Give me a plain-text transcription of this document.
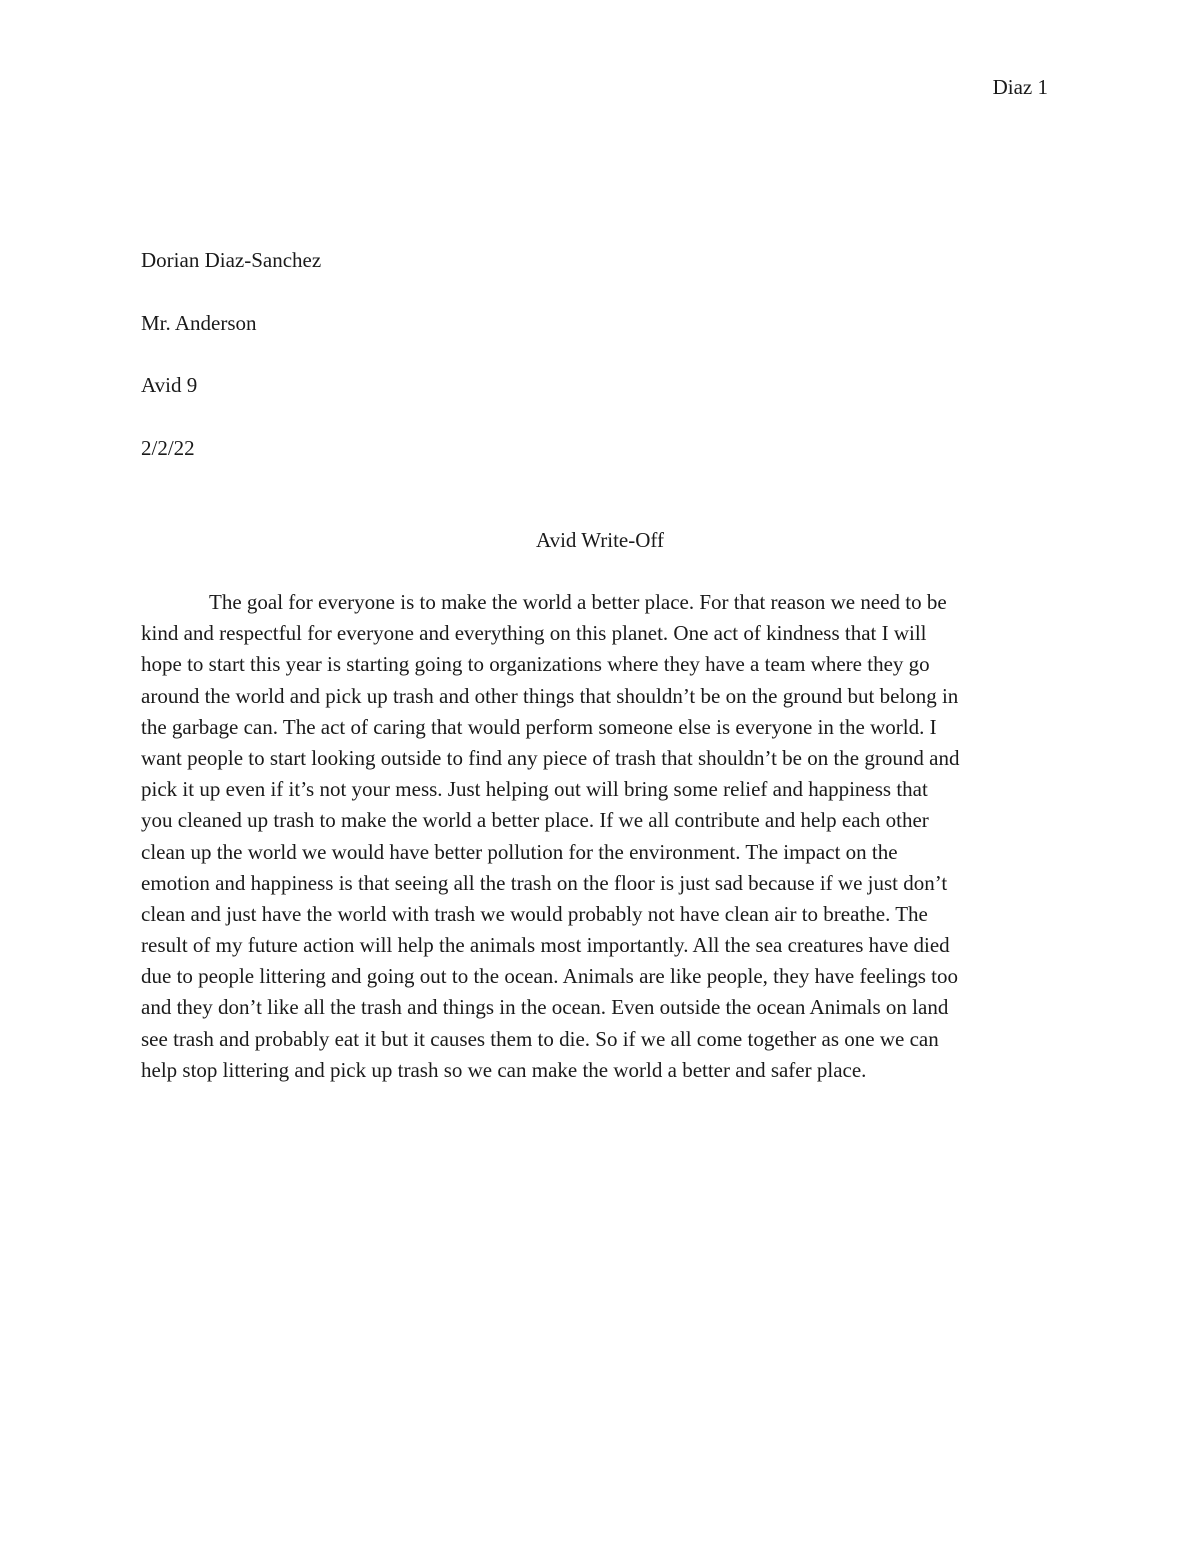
Diaz 1
Dorian Diaz-Sanchez
Mr. Anderson
Avid 9
2/2/22
Avid Write-Off
The goal for everyone is to make the world a better place. For that reason we need to be
kind and respectful for everyone and everything on this planet. One act of kindness that I will
hope to start this year is starting going to organizations where they have a team where they go
around the world and pick up trash and other things that shouldn’t be on the ground but belong in
the garbage can. The act of caring that would perform someone else is everyone in the world. I
want people to start looking outside to find any piece of trash that shouldn’t be on the ground and
pick it up even if it’s not your mess. Just helping out will bring some relief and happiness that
you cleaned up trash to make the world a better place. If we all contribute and help each other
clean up the world we would have better pollution for the environment. The impact on the
emotion and happiness is that seeing all the trash on the floor is just sad because if we just don’t
clean and just have the world with trash we would probably not have clean air to breathe. The
result of my future action will help the animals most importantly. All the sea creatures have died
due to people littering and going out to the ocean. Animals are like people, they have feelings too
and they don’t like all the trash and things in the ocean. Even outside the ocean Animals on land
see trash and probably eat it but it causes them to die. So if we all come together as one we can
help stop littering and pick up trash so we can make the world a better and safer place.
